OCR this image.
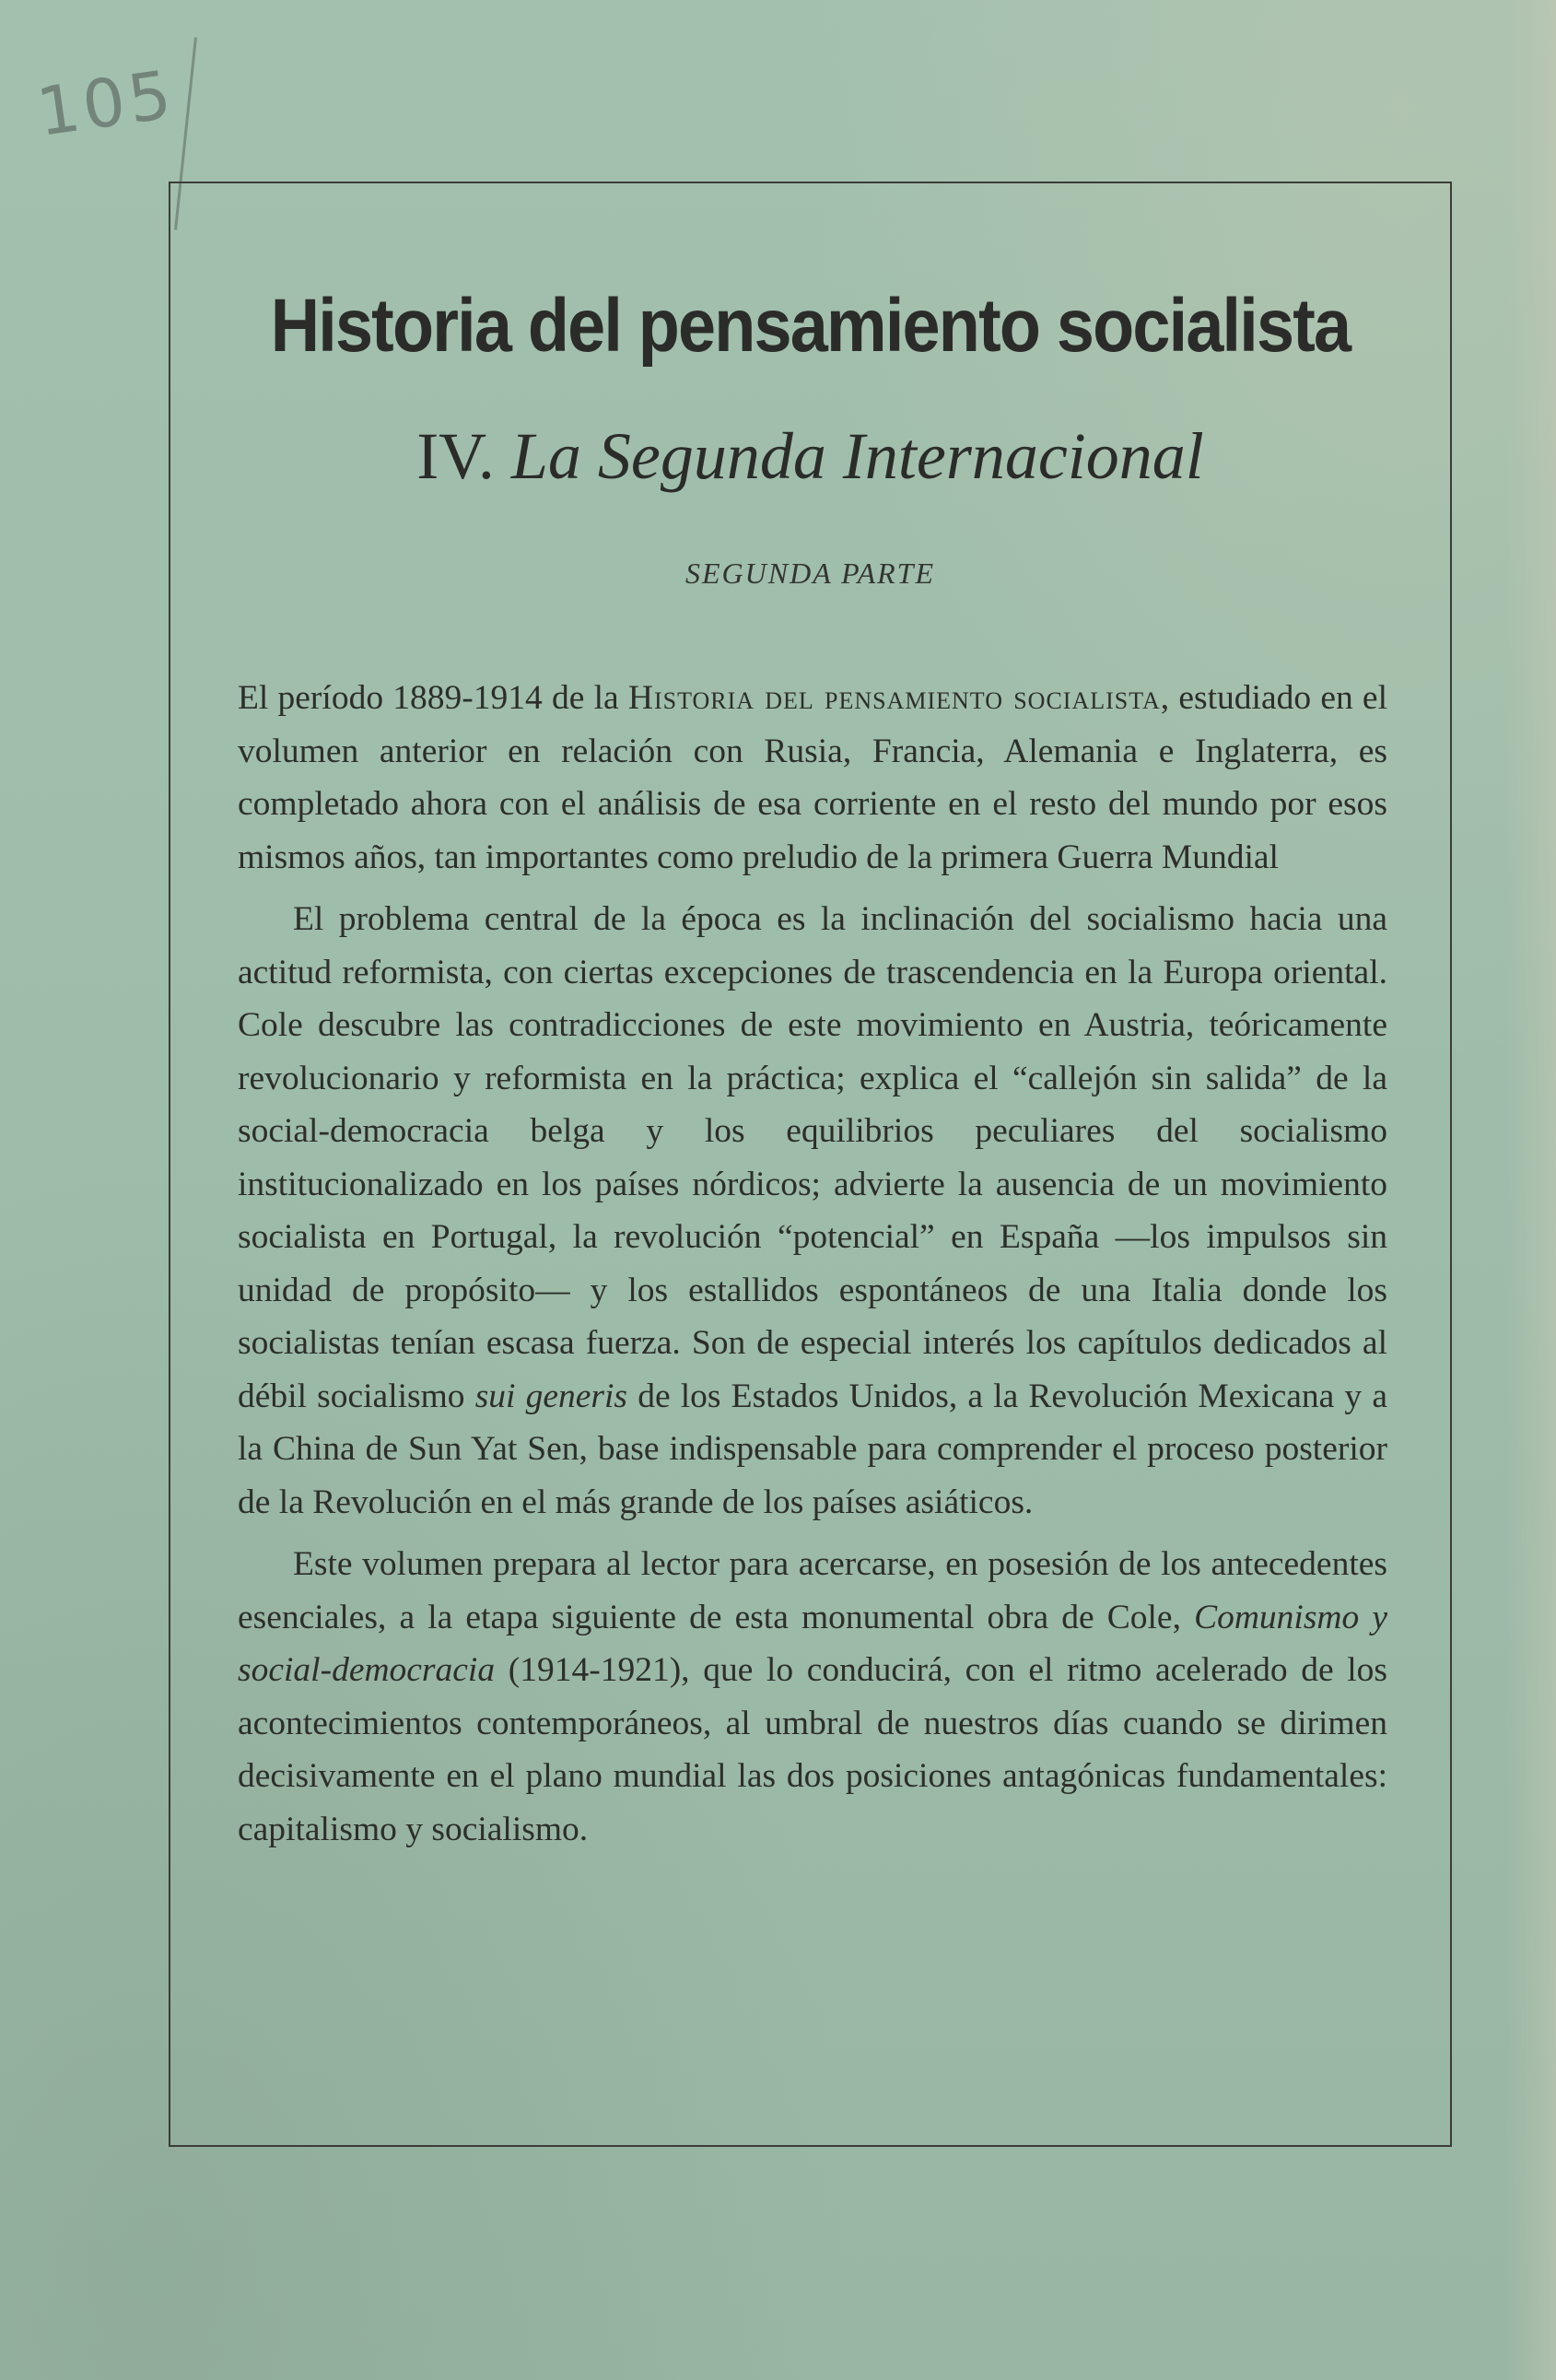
105
Historia del pensamiento socialista
IV. La Segunda Internacional
SEGUNDA PARTE

El período 1889-1914 de la Historia del pensamiento socialista, estudiado en el volumen anterior en relación con Rusia, Francia, Alemania e Inglaterra, es completado ahora con el análisis de esa corriente en el resto del mundo por esos mismos años, tan importantes como preludio de la primera Guerra Mundial

El problema central de la época es la inclinación del socialismo hacia una actitud reformista, con ciertas excepciones de trascendencia en la Europa oriental. Cole descubre las contradicciones de este movimiento en Austria, teóricamente revolucionario y reformista en la práctica; explica el “callejón sin salida” de la social-democracia belga y los equilibrios peculiares del socialismo institucionalizado en los países nórdicos; advierte la ausencia de un movimiento socialista en Portugal, la revolución “potencial” en España —los impulsos sin unidad de propósito— y los estallidos espontáneos de una Italia donde los socialistas tenían escasa fuerza. Son de especial interés los capítulos dedicados al débil socialismo sui generis de los Estados Unidos, a la Revolución Mexicana y a la China de Sun Yat Sen, base indispensable para comprender el proceso posterior de la Revolución en el más grande de los países asiáticos.

Este volumen prepara al lector para acercarse, en posesión de los antecedentes esenciales, a la etapa siguiente de esta monumental obra de Cole, Comunismo y social-democracia (1914-1921), que lo conducirá, con el ritmo acelerado de los acontecimientos contemporáneos, al umbral de nuestros días cuando se dirimen decisivamente en el plano mundial las dos posiciones antagónicas fundamentales: capitalismo y socialismo.
